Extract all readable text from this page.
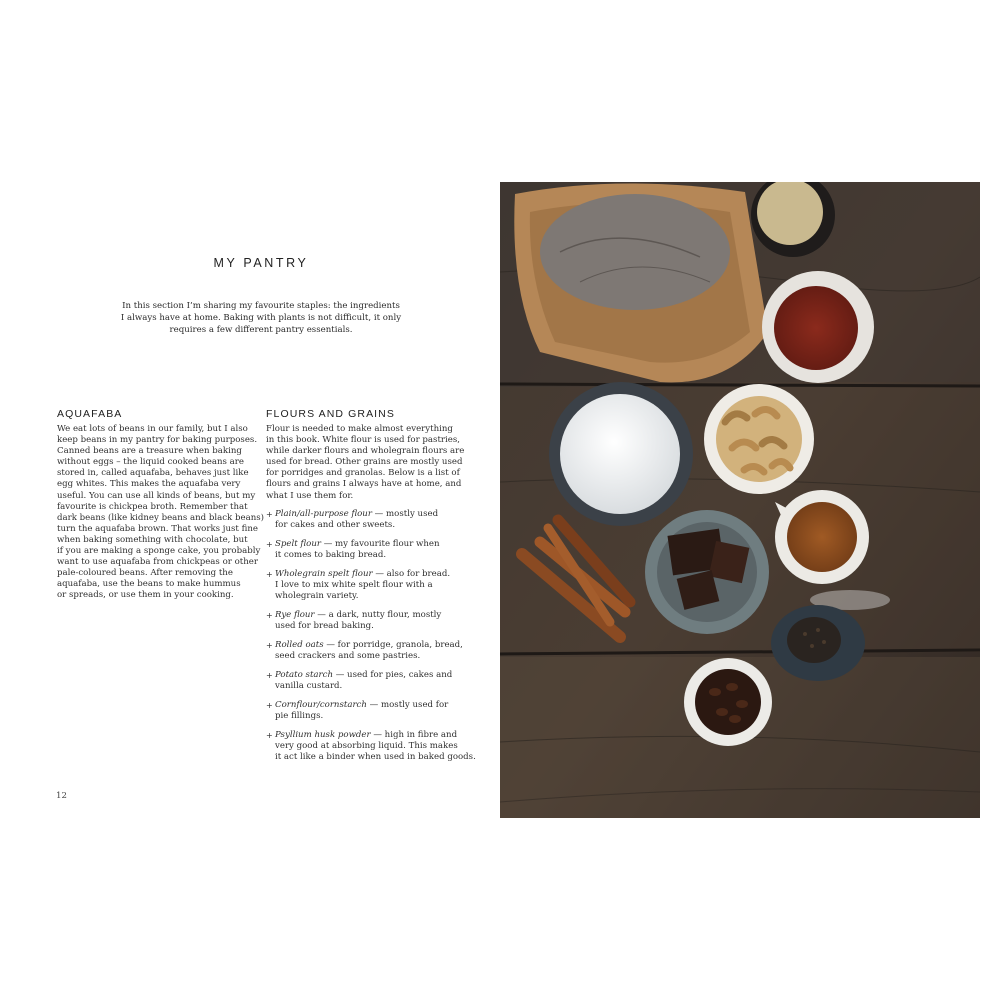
MY PANTRY
In this section I’m sharing my favourite staples: the ingredients
I always have at home. Baking with plants is not difficult, it only
requires a few different pantry essentials.
AQUAFABA
We eat lots of beans in our family, but I also
keep beans in my pantry for baking purposes.
Canned beans are a treasure when baking
without eggs – the liquid cooked beans are
stored in, called aquafaba, behaves just like
egg whites. This makes the aquafaba very
useful. You can use all kinds of beans, but my
favourite is chickpea broth. Remember that
dark beans (like kidney beans and black beans)
turn the aquafaba brown. That works just fine
when baking something with chocolate, but
if you are making a sponge cake, you probably
want to use aquafaba from chickpeas or other
pale-coloured beans. After removing the
aquafaba, use the beans to make hummus
or spreads, or use them in your cooking.
FLOURS AND GRAINS
Flour is needed to make almost everything
in this book. White flour is used for pastries,
while darker flours and wholegrain flours are
used for bread. Other grains are mostly used
for porridges and granolas. Below is a list of
flours and grains I always have at home, and
what I use them for.
+ Plain/all-purpose flour — mostly used
for cakes and other sweets.
+ Spelt flour — my favourite flour when
it comes to baking bread.
+ Wholegrain spelt flour — also for bread.
I love to mix white spelt flour with a
wholegrain variety.
+ Rye flour — a dark, nutty flour, mostly
used for bread baking.
+ Rolled oats — for porridge, granola, bread,
seed crackers and some pastries.
+ Potato starch — used for pies, cakes and
vanilla custard.
+ Cornflour/cornstarch — mostly used for
pie fillings.
+ Psyllium husk powder — high in fibre and
very good at absorbing liquid. This makes
it act like a binder when used in baked goods.
12
